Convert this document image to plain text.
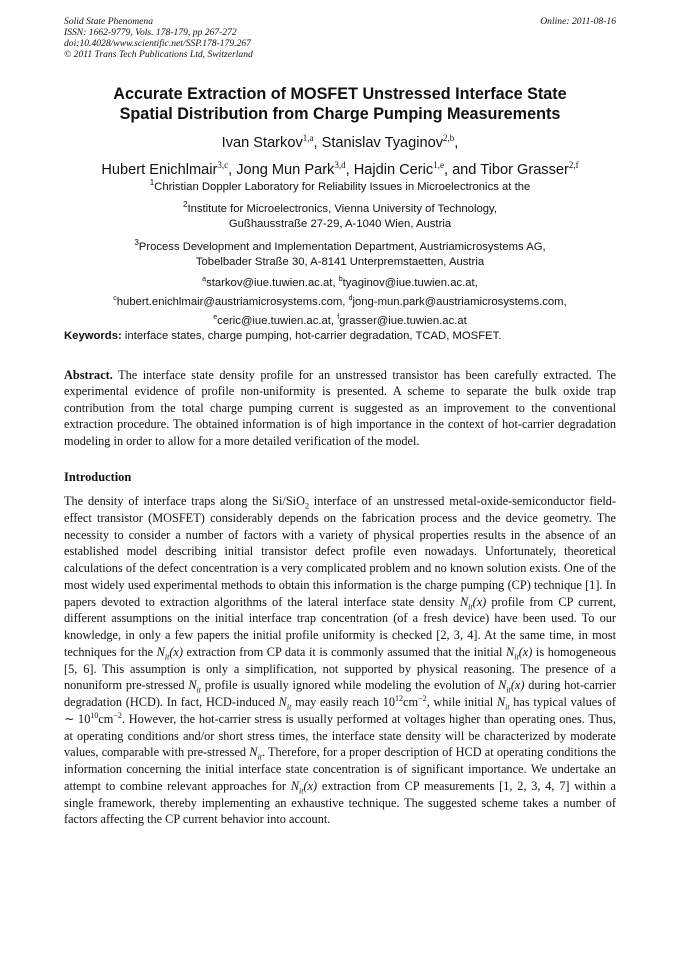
Solid State Phenomena
ISSN: 1662-9779, Vols. 178-179, pp 267-272
doi:10.4028/www.scientific.net/SSP.178-179.267
© 2011 Trans Tech Publications Ltd, Switzerland
Online: 2011-08-16
Accurate Extraction of MOSFET Unstressed Interface State
Spatial Distribution from Charge Pumping Measurements
Ivan Starkov$^{1,a}$, Stanislav Tyaginov$^{2,b}$,
Hubert Enichlmair$^{3,c}$, Jong Mun Park$^{3,d}$, Hajdin Ceric$^{1,e}$, and Tibor Grasser$^{2,f}$
$^1$Christian Doppler Laboratory for Reliability Issues in Microelectronics at the
$^2$Institute for Microelectronics, Vienna University of Technology,
Gußhausstraße 27-29, A-1040 Wien, Austria
$^3$Process Development and Implementation Department, Austriamicrosystems AG,
Tobelbader Straße 30, A-8141 Unterpremstaetten, Austria
$^a$starkov@iue.tuwien.ac.at, $^b$tyaginov@iue.tuwien.ac.at,
$^c$hubert.enichlmair@austriamicrosystems.com, $^d$jong-mun.park@austriamicrosystems.com,
$^e$ceric@iue.tuwien.ac.at, $^f$grasser@iue.tuwien.ac.at
Keywords: interface states, charge pumping, hot-carrier degradation, TCAD, MOSFET.
Abstract. The interface state density profile for an unstressed transistor has been carefully extracted. The experimental evidence of profile non-uniformity is presented. A scheme to separate the bulk oxide trap contribution from the total charge pumping current is suggested as an improvement to the conventional extraction procedure. The obtained information is of high importance in the context of hot-carrier degradation modeling in order to allow for a more detailed verification of the model.
Introduction
The density of interface traps along the Si/SiO$_2$ interface of an unstressed metal-oxide-semiconductor field-effect transistor (MOSFET) considerably depends on the fabrication process and the device geometry. The necessity to consider a number of factors with a variety of physical properties results in the absence of an established model describing initial transistor defect profile even nowadays. Unfortunately, theoretical calculations of the defect concentration is a very complicated problem and no known solution exists. One of the most widely used experimental methods to obtain this information is the charge pumping (CP) technique [1]. In papers devoted to extraction algorithms of the lateral interface state density $N_{it}(x)$ profile from CP current, different assumptions on the initial interface trap concentration (of a fresh device) have been used. To our knowledge, in only a few papers the initial profile uniformity is checked [2, 3, 4]. At the same time, in most techniques for the $N_{it}(x)$ extraction from CP data it is commonly assumed that the initial $N_{it}(x)$ is homogeneous [5, 6]. This assumption is only a simplification, not supported by physical reasoning. The presence of a nonuniform pre-stressed $N_{it}$ profile is usually ignored while modeling the evolution of $N_{it}(x)$ during hot-carrier degradation (HCD). In fact, HCD-induced $N_{it}$ may easily reach $10^{12}cm^{-2}$, while initial $N_{it}$ has typical values of ∼ $10^{10}cm^{-2}$. However, the hot-carrier stress is usually performed at voltages higher than operating ones. Thus, at operating conditions and/or short stress times, the interface state density will be characterized by moderate values, comparable with pre-stressed $N_{it}$. Therefore, for a proper description of HCD at operating conditions the information concerning the initial interface state concentration is of significant importance. We undertake an attempt to combine relevant approaches for $N_{it}(x)$ extraction from CP measurements [1, 2, 3, 4, 7] within a single framework, thereby implementing an exhaustive technique. The suggested scheme takes a number of factors affecting the CP current behavior into account.
